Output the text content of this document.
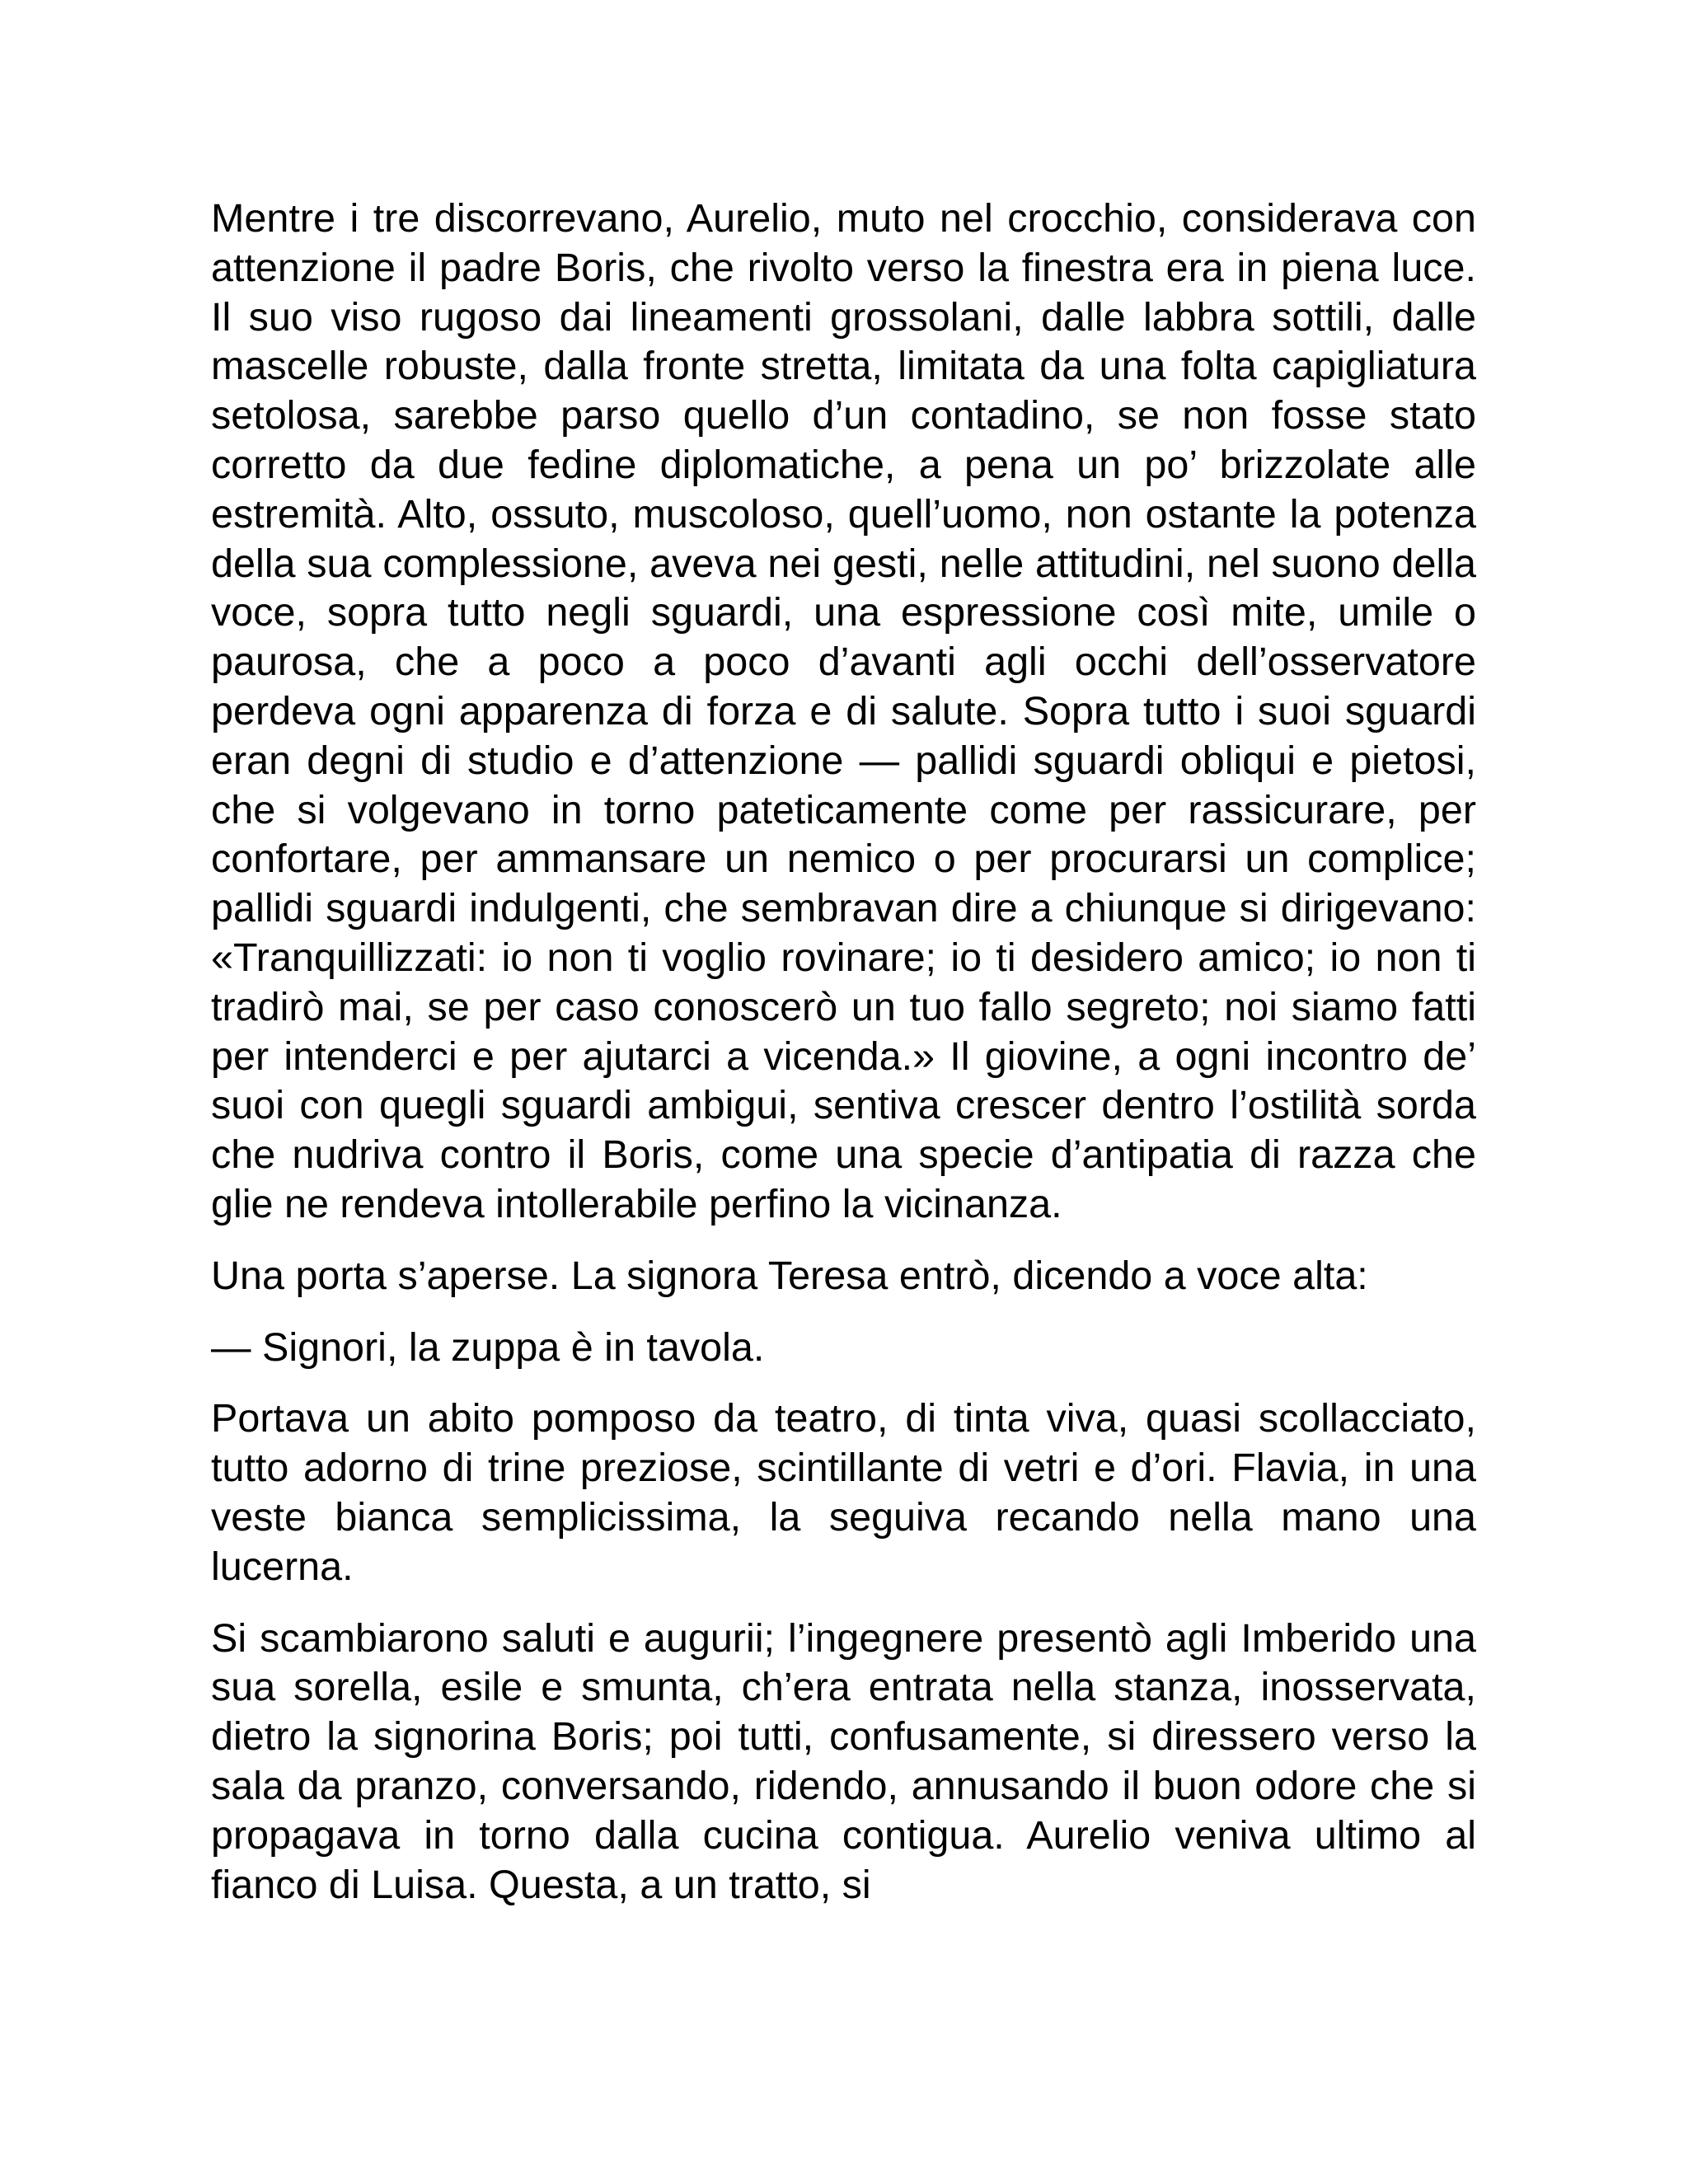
Mentre i tre discorrevano, Aurelio, muto nel crocchio, considerava con attenzione il padre Boris, che rivolto verso la finestra era in piena luce. Il suo viso rugoso dai lineamenti grossolani, dalle labbra sottili, dalle mascelle robuste, dalla fronte stretta, limitata da una folta capigliatura setolosa, sarebbe parso quello d’un contadino, se non fosse stato corretto da due fedine diplomatiche, a pena un po’ brizzolate alle estremità. Alto, ossuto, muscoloso, quell’uomo, non ostante la potenza della sua complessione, aveva nei gesti, nelle attitudini, nel suono della voce, sopra tutto negli sguardi, una espressione così mite, umile o paurosa, che a poco a poco d’avanti agli occhi dell’osservatore perdeva ogni apparenza di forza e di salute. Sopra tutto i suoi sguardi eran degni di studio e d’attenzione — pallidi sguardi obliqui e pietosi, che si volgevano in torno pateticamente come per rassicurare, per confortare, per ammansare un nemico o per procurarsi un complice; pallidi sguardi indulgenti, che sembravan dire a chiunque si dirigevano: «Tranquillizzati: io non ti voglio rovinare; io ti desidero amico; io non ti tradirò mai, se per caso conoscerò un tuo fallo segreto; noi siamo fatti per intenderci e per ajutarci a vicenda.» Il giovine, a ogni incontro de’ suoi con quegli sguardi ambigui, sentiva crescer dentro l’ostilità sorda che nudriva contro il Boris, come una specie d’antipatia di razza che glie ne rendeva intollerabile perfino la vicinanza.

Una porta s’aperse. La signora Teresa entrò, dicendo a voce alta:

— Signori, la zuppa è in tavola.

Portava un abito pomposo da teatro, di tinta viva, quasi scollacciato, tutto adorno di trine preziose, scintillante di vetri e d’ori. Flavia, in una veste bianca semplicissima, la seguiva recando nella mano una lucerna.

Si scambiarono saluti e augurii; l’ingegnere presentò agli Imberido una sua sorella, esile e smunta, ch’era entrata nella stanza, inosservata, dietro la signorina Boris; poi tutti, confusamente, si diressero verso la sala da pranzo, conversando, ridendo, annusando il buon odore che si propagava in torno dalla cucina contigua. Aurelio veniva ultimo al fianco di Luisa. Questa, a un tratto, si
